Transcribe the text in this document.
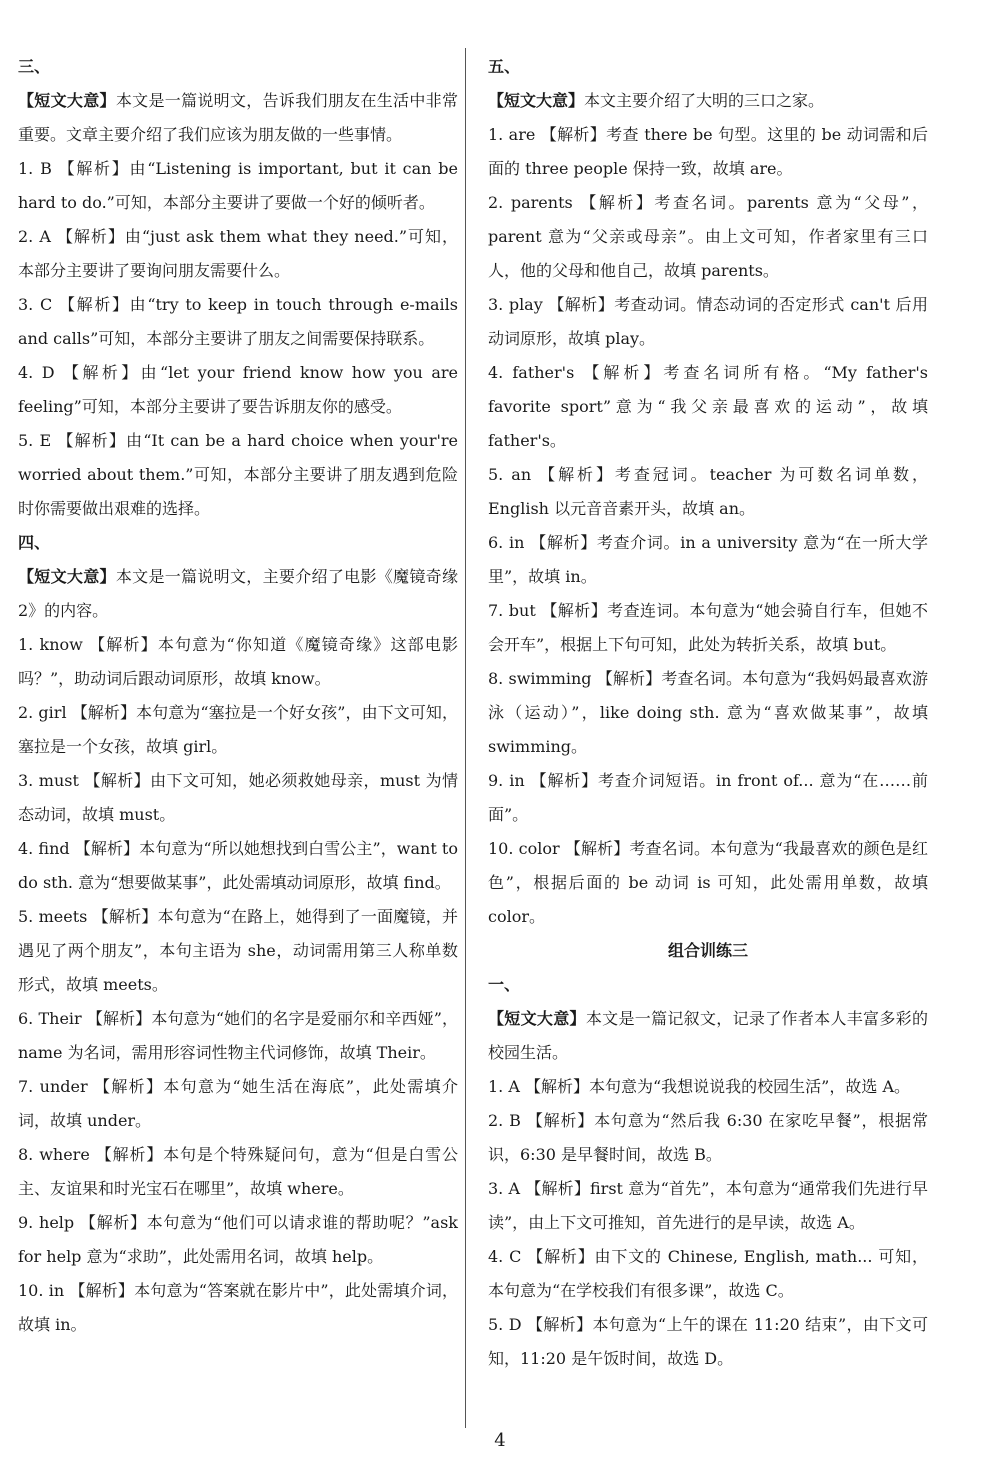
三、
【短文大意】本文是一篇说明文，告诉我们朋友在生活中非常重要。文章主要介绍了我们应该为朋友做的一些事情。
1. B 【解析】由“Listening is important, but it can be hard to do.”可知，本部分主要讲了要做一个好的倾听者。
2. A 【解析】由“just ask them what they need.”可知，本部分主要讲了要询问朋友需要什么。
3. C 【解析】由“try to keep in touch through e-mails and calls”可知，本部分主要讲了朋友之间需要保持联系。
4. D 【解析】由“let your friend know how you are feeling”可知，本部分主要讲了要告诉朋友你的感受。
5. E 【解析】由“It can be a hard choice when your're worried about them.”可知，本部分主要讲了朋友遇到危险时你需要做出艰难的选择。
四、
【短文大意】本文是一篇说明文，主要介绍了电影《魔镜奇缘2》的内容。
1. know 【解析】本句意为“你知道《魔镜奇缘》这部电影吗？”，助动词后跟动词原形，故填 know。
2. girl 【解析】本句意为“塞拉是一个好女孩”，由下文可知，塞拉是一个女孩，故填 girl。
3. must 【解析】由下文可知，她必须救她母亲，must 为情态动词，故填 must。
4. find 【解析】本句意为“所以她想找到白雪公主”，want to do sth. 意为“想要做某事”，此处需填动词原形，故填 find。
5. meets 【解析】本句意为“在路上，她得到了一面魔镜，并遇见了两个朋友”，本句主语为 she，动词需用第三人称单数形式，故填 meets。
6. Their 【解析】本句意为“她们的名字是爱丽尔和辛西娅”，name 为名词，需用形容词性物主代词修饰，故填 Their。
7. under 【解析】本句意为“她生活在海底”，此处需填介词，故填 under。
8. where 【解析】本句是个特殊疑问句，意为“但是白雪公主、友谊果和时光宝石在哪里”，故填 where。
9. help 【解析】本句意为“他们可以请求谁的帮助呢？”ask for help 意为“求助”，此处需用名词，故填 help。
10. in 【解析】本句意为“答案就在影片中”，此处需填介词，故填 in。
五、
【短文大意】本文主要介绍了大明的三口之家。
1. are 【解析】考查 there be 句型。这里的 be 动词需和后面的 three people 保持一致，故填 are。
2. parents 【解析】考查名词。parents 意为“父母”，parent 意为“父亲或母亲”。由上文可知，作者家里有三口人，他的父母和他自己，故填 parents。
3. play 【解析】考查动词。情态动词的否定形式 can't 后用动词原形，故填 play。
4. father's 【解析】考查名词所有格。“My father's favorite sport”意为“我父亲最喜欢的运动”，故填 father's。
5. an 【解析】考查冠词。teacher 为可数名词单数，English 以元音音素开头，故填 an。
6. in 【解析】考查介词。in a university 意为“在一所大学里”，故填 in。
7. but 【解析】考查连词。本句意为“她会骑自行车，但她不会开车”，根据上下句可知，此处为转折关系，故填 but。
8. swimming 【解析】考查名词。本句意为“我妈妈最喜欢游泳（运动）”，like doing sth. 意为“喜欢做某事”，故填 swimming。
9. in 【解析】考查介词短语。in front of... 意为“在……前面”。
10. color 【解析】考查名词。本句意为“我最喜欢的颜色是红色”，根据后面的 be 动词 is 可知，此处需用单数，故填 color。
组合训练三
一、
【短文大意】本文是一篇记叙文，记录了作者本人丰富多彩的校园生活。
1. A 【解析】本句意为“我想说说我的校园生活”，故选 A。
2. B 【解析】本句意为“然后我 6:30 在家吃早餐”，根据常识，6:30 是早餐时间，故选 B。
3. A 【解析】first 意为“首先”，本句意为“通常我们先进行早读”，由上下文可推知，首先进行的是早读，故选 A。
4. C 【解析】由下文的 Chinese, English, math... 可知，本句意为“在学校我们有很多课”，故选 C。
5. D 【解析】本句意为“上午的课在 11:20 结束”，由下文可知，11:20 是午饭时间，故选 D。
4
